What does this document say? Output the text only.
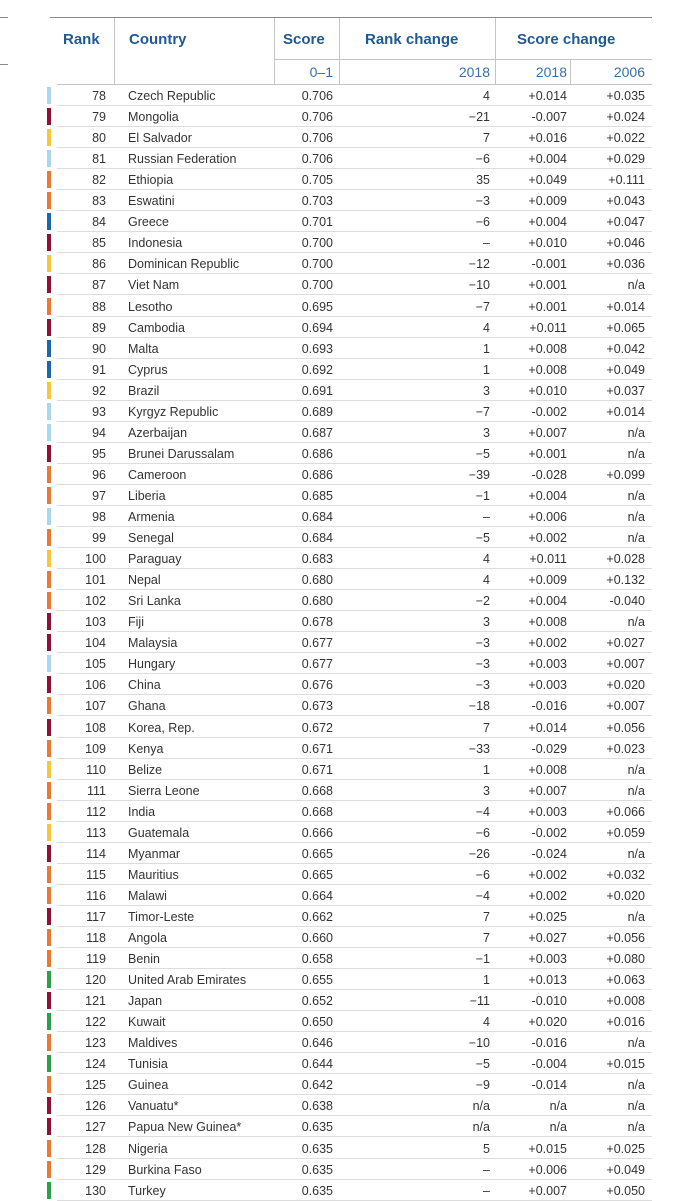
Rank Country	Score	Rank change	Score change
0–1	2018	2018	2006
78 Czech Republic	0.706	4	+0.014	+0.035
79 Mongolia	0.706	−21	-0.007	+0.024
80 El Salvador	0.706	7	+0.016	+0.022
81 Russian Federation	0.706	−6	+0.004	+0.029
82 Ethiopia	0.705	35	+0.049	+0.111
83 Eswatini	0.703	−3	+0.009	+0.043
84 Greece	0.701	−6	+0.004	+0.047
85 Indonesia	0.700	–	+0.010	+0.046
86 Dominican Republic	0.700	−12	-0.001	+0.036
87 Viet Nam	0.700	−10	+0.001	n/a
88 Lesotho	0.695	−7	+0.001	+0.014
89 Cambodia	0.694	4	+0.011	+0.065
90 Malta	0.693	1	+0.008	+0.042
91 Cyprus	0.692	1	+0.008	+0.049
92 Brazil	0.691	3	+0.010	+0.037
93 Kyrgyz Republic	0.689	−7	-0.002	+0.014
94 Azerbaijan	0.687	3	+0.007	n/a
95 Brunei Darussalam	0.686	−5	+0.001	n/a
96 Cameroon	0.686	−39	-0.028	+0.099
97 Liberia	0.685	−1	+0.004	n/a
98 Armenia	0.684	–	+0.006	n/a
99 Senegal	0.684	−5	+0.002	n/a
100 Paraguay	0.683	4	+0.011	+0.028
101 Nepal	0.680	4	+0.009	+0.132
102 Sri Lanka	0.680	−2	+0.004	-0.040
103 Fiji	0.678	3	+0.008	n/a
104 Malaysia	0.677	−3	+0.002	+0.027
105 Hungary	0.677	−3	+0.003	+0.007
106 China	0.676	−3	+0.003	+0.020
107 Ghana	0.673	−18	-0.016	+0.007
108 Korea, Rep.	0.672	7	+0.014	+0.056
109 Kenya	0.671	−33	-0.029	+0.023
110 Belize	0.671	1	+0.008	n/a
111 Sierra Leone	0.668	3	+0.007	n/a
112 India	0.668	−4	+0.003	+0.066
113 Guatemala	0.666	−6	-0.002	+0.059
114 Myanmar	0.665	−26	-0.024	n/a
115 Mauritius	0.665	−6	+0.002	+0.032
116 Malawi	0.664	−4	+0.002	+0.020
117 Timor-Leste	0.662	7	+0.025	n/a
118 Angola	0.660	7	+0.027	+0.056
119 Benin	0.658	−1	+0.003	+0.080
120 United Arab Emirates	0.655	1	+0.013	+0.063
121 Japan	0.652	−11	-0.010	+0.008
122 Kuwait	0.650	4	+0.020	+0.016
123 Maldives	0.646	−10	-0.016	n/a
124 Tunisia	0.644	−5	-0.004	+0.015
125 Guinea	0.642	−9	-0.014	n/a
126 Vanuatu*	0.638	n/a	n/a	n/a
127 Papua New Guinea*	0.635	n/a	n/a	n/a
128 Nigeria	0.635	5	+0.015	+0.025
129 Burkina Faso	0.635	–	+0.006	+0.049
130 Turkey	0.635	–	+0.007	+0.050
